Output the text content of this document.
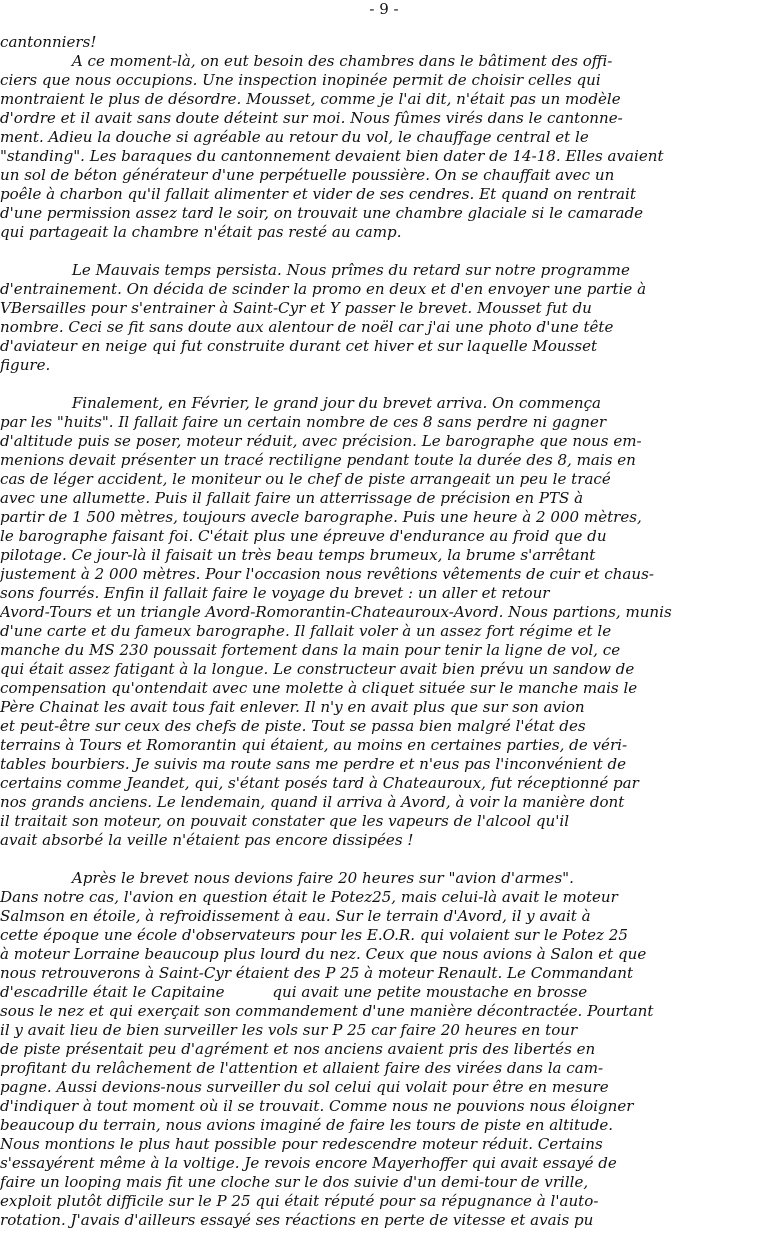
- 9 -
cantonniers!
A ce moment-là, on eut besoin des chambres dans le bâtiment des offi-
ciers que nous occupions. Une inspection inopinée permit de choisir celles qui
montraient le plus de désordre. Mousset, comme je l'ai dit, n'était pas un modèle
d'ordre et il avait sans doute déteint sur moi. Nous fûmes virés dans le cantonne-
ment. Adieu la douche si agréable au retour du vol, le chauffage central et le
"standing". Les baraques du cantonnement devaient bien dater de 14-18. Elles avaient
un sol de béton générateur d'une perpétuelle poussière. On se chauffait avec un
poêle à charbon qu'il fallait alimenter et vider de ses cendres. Et quand on rentrait
d'une permission assez tard le soir, on trouvait une chambre glaciale si le camarade
qui partageait la chambre n'était pas resté au camp.
Le Mauvais temps persista. Nous prîmes du retard sur notre programme
d'entrainement. On décida de scinder la promo en deux et d'en envoyer une partie à
VBersailles pour s'entrainer à Saint-Cyr et Y passer le brevet. Mousset fut du
nombre. Ceci se fit sans doute aux alentour de noël car j'ai une photo d'une tête
d'aviateur en neige qui fut construite durant cet hiver et sur laquelle Mousset
figure.
Finalement, en Février, le grand jour du brevet arriva. On commença
par les "huits". Il fallait faire un certain nombre de ces 8 sans perdre ni gagner
d'altitude puis se poser, moteur réduit, avec précision. Le barographe que nous em-
menions devait présenter un tracé rectiligne pendant toute la durée des 8, mais en
cas de léger accident, le moniteur ou le chef de piste arrangeait un peu le tracé
avec une allumette. Puis il fallait faire un atterrissage de précision en PTS à
partir de 1 500 mètres, toujours avecle barographe. Puis une heure à 2 000 mètres,
le barographe faisant foi. C'était plus une épreuve d'endurance au froid que du
pilotage. Ce jour-là il faisait un très beau temps brumeux, la brume s'arrêtant
justement à 2 000 mètres. Pour l'occasion nous revêtions vêtements de cuir et chaus-
sons fourrés. Enfin il fallait faire le voyage du brevet : un aller et retour
Avord-Tours et un triangle Avord-Romorantin-Chateauroux-Avord. Nous partions, munis
d'une carte et du fameux barographe. Il fallait voler à un assez fort régime et le
manche du MS 230 poussait fortement dans la main pour tenir la ligne de vol, ce
qui était assez fatigant à la longue. Le constructeur avait bien prévu un sandow de
compensation qu'ontendait avec une molette à cliquet située sur le manche mais le
Père Chainat les avait tous fait enlever. Il n'y en avait plus que sur son avion
et peut-être sur ceux des chefs de piste. Tout se passa bien malgré l'état des
terrains à Tours et Romorantin qui étaient, au moins en certaines parties, de véri-
tables bourbiers. Je suivis ma route sans me perdre et n'eus pas l'inconvénient de
certains comme Jeandet, qui, s'étant posés tard à Chateauroux, fut réceptionné par
nos grands anciens. Le lendemain, quand il arriva à Avord, à voir la manière dont
il traitait son moteur, on pouvait constater que les vapeurs de l'alcool qu'il
avait absorbé la veille n'étaient pas encore dissipées !
Après le brevet nous devions faire 20 heures sur "avion d'armes".
Dans notre cas, l'avion en question était le Potez25, mais celui-là avait le moteur
Salmson en étoile, à refroidissement à eau. Sur le terrain d'Avord, il y avait à
cette époque une école d'observateurs pour les E.O.R. qui volaient sur le Potez 25
à moteur Lorraine beaucoup plus lourd du nez. Ceux que nous avions à Salon et que
nous retrouverons à Saint-Cyr étaient des P 25 à moteur Renault. Le Commandant
d'escadrille était le Capitaine          qui avait une petite moustache en brosse
sous le nez et qui exerçait son commandement d'une manière décontractée. Pourtant
il y avait lieu de bien surveiller les vols sur P 25 car faire 20 heures en tour
de piste présentait peu d'agrément et nos anciens avaient pris des libertés en
profitant du relâchement de l'attention et allaient faire des virées dans la cam-
pagne. Aussi devions-nous surveiller du sol celui qui volait pour être en mesure
d'indiquer à tout moment où il se trouvait. Comme nous ne pouvions nous éloigner
beaucoup du terrain, nous avions imaginé de faire les tours de piste en altitude.
Nous montions le plus haut possible pour redescendre moteur réduit. Certains
s'essayérent même à la voltige. Je revois encore Mayerhoffer qui avait essayé de
faire un looping mais fit une cloche sur le dos suivie d'un demi-tour de vrille,
exploit plutôt difficile sur le P 25 qui était réputé pour sa répugnance à l'auto-
rotation. J'avais d'ailleurs essayé ses réactions en perte de vitesse et avais pu
